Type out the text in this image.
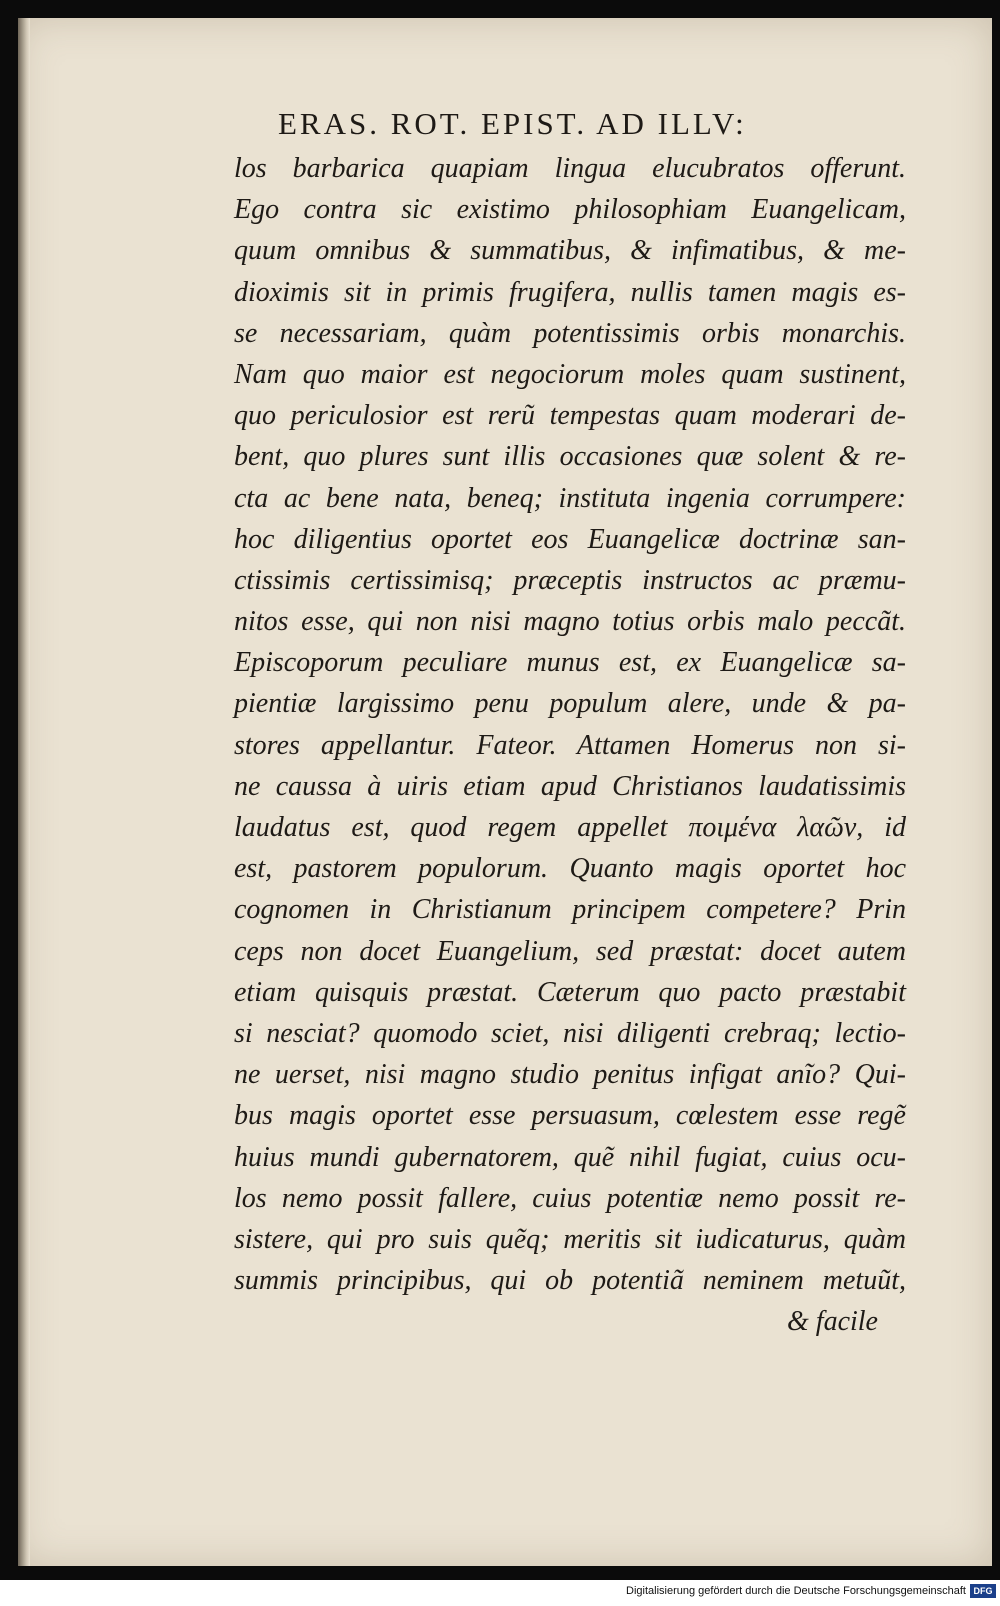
ERAS. ROT. EPIST. AD ILLV:
los barbarica quapiam lingua elucubratos offerunt.
Ego contra sic existimo philosophiam Euangelicam,
quum omnibus & summatibus, & infimatibus, & me-
dioximis sit in primis frugifera, nullis tamen magis es-
se necessariam, quàm potentissimis orbis monarchis.
Nam quo maior est negociorum moles quam sustinent,
quo periculosior est rerũ tempestas quam moderari de-
bent, quo plures sunt illis occasiones quæ solent & re-
cta ac bene nata, beneq; instituta ingenia corrumpere:
hoc diligentius oportet eos Euangelicæ doctrinæ san-
ctissimis certissimisq; præceptis instructos ac præmu-
nitos esse, qui non nisi magno totius orbis malo peccãt.
Episcoporum peculiare munus est, ex Euangelicæ sa-
pientiæ largissimo penu populum alere, unde & pa-
stores appellantur. Fateor. Attamen Homerus non si-
ne caussa à uiris etiam apud Christianos laudatissimis
laudatus est, quod regem appellet ποιμένα λαῶν, id
est, pastorem populorum. Quanto magis oportet hoc
cognomen in Christianum principem competere? Prin
ceps non docet Euangelium, sed præstat: docet autem
etiam quisquis præstat. Cæterum quo pacto præstabit
si nesciat? quomodo sciet, nisi diligenti crebraq; lectio-
ne uerset, nisi magno studio penitus infigat anĩo? Qui-
bus magis oportet esse persuasum, cœlestem esse regẽ
huius mundi gubernatorem, quẽ nihil fugiat, cuius ocu-
los nemo possit fallere, cuius potentiæ nemo possit re-
sistere, qui pro suis quẽq; meritis sit iudicaturus, quàm
summis principibus, qui ob potentiã neminem metuũt,
& facile
Digitalisierung gefördert durch die Deutsche Forschungsgemeinschaft DFG
